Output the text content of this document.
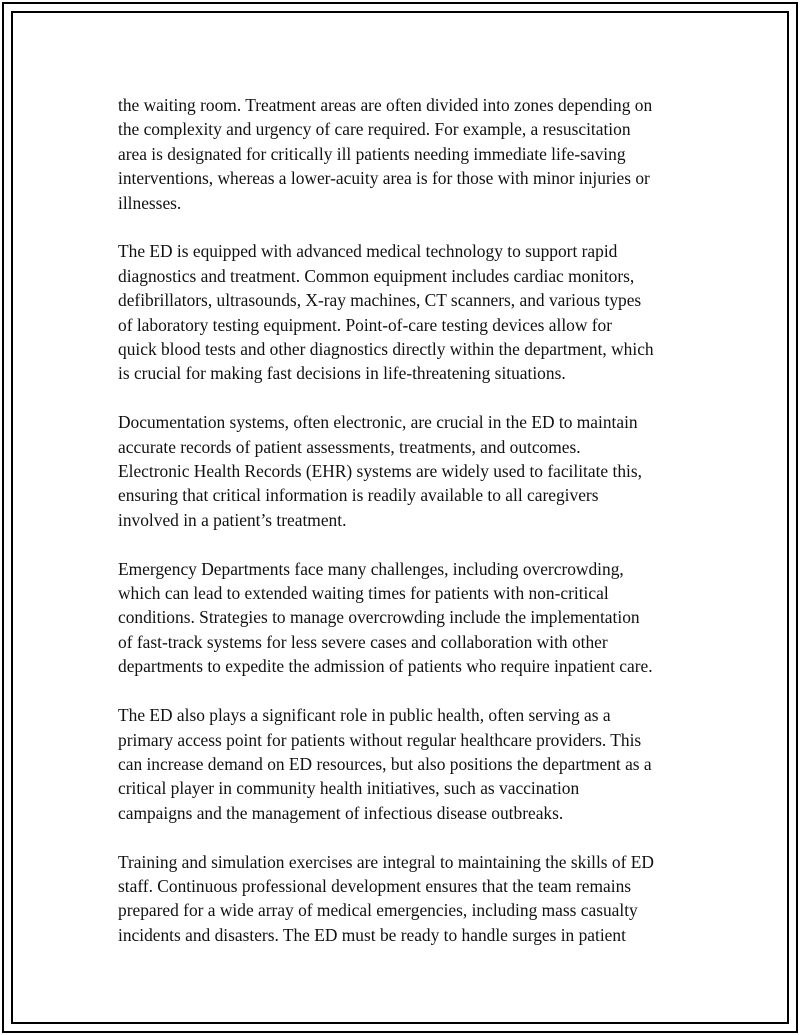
the waiting room. Treatment areas are often divided into zones depending on
the complexity and urgency of care required. For example, a resuscitation
area is designated for critically ill patients needing immediate life-saving
interventions, whereas a lower-acuity area is for those with minor injuries or
illnesses.

The ED is equipped with advanced medical technology to support rapid
diagnostics and treatment. Common equipment includes cardiac monitors,
defibrillators, ultrasounds, X-ray machines, CT scanners, and various types
of laboratory testing equipment. Point-of-care testing devices allow for
quick blood tests and other diagnostics directly within the department, which
is crucial for making fast decisions in life-threatening situations.

Documentation systems, often electronic, are crucial in the ED to maintain
accurate records of patient assessments, treatments, and outcomes.
Electronic Health Records (EHR) systems are widely used to facilitate this,
ensuring that critical information is readily available to all caregivers
involved in a patient’s treatment.

Emergency Departments face many challenges, including overcrowding,
which can lead to extended waiting times for patients with non-critical
conditions. Strategies to manage overcrowding include the implementation
of fast-track systems for less severe cases and collaboration with other
departments to expedite the admission of patients who require inpatient care.

The ED also plays a significant role in public health, often serving as a
primary access point for patients without regular healthcare providers. This
can increase demand on ED resources, but also positions the department as a
critical player in community health initiatives, such as vaccination
campaigns and the management of infectious disease outbreaks.

Training and simulation exercises are integral to maintaining the skills of ED
staff. Continuous professional development ensures that the team remains
prepared for a wide array of medical emergencies, including mass casualty
incidents and disasters. The ED must be ready to handle surges in patient
